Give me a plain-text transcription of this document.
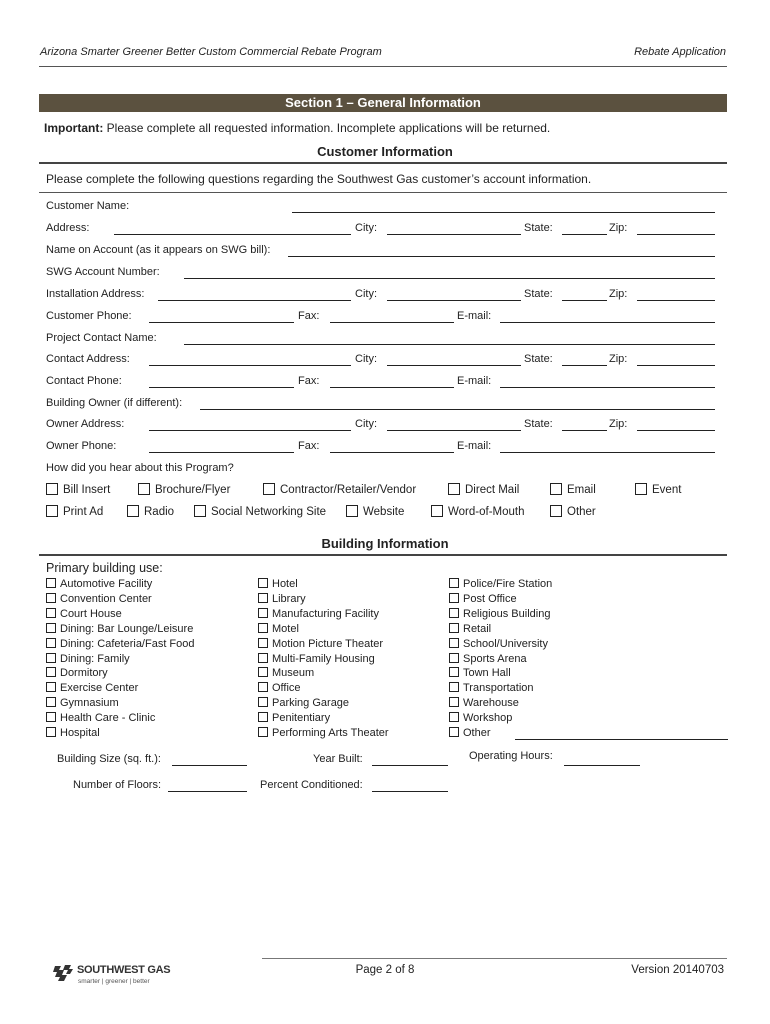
Arizona Smarter Greener Better Custom Commercial Rebate Program	Rebate Application
Section 1 – General Information
Important: Please complete all requested information. Incomplete applications will be returned.
Customer Information
Please complete the following questions regarding the Southwest Gas customer’s account information.
Customer Name:
Address:	City:	State:	Zip:
Name on Account (as it appears on SWG bill):
SWG Account Number:
Installation Address:	City:	State:	Zip:
Customer Phone:	Fax:	E-mail:
Project Contact Name:
Contact Address:	City:	State:	Zip:
Contact Phone:	Fax:	E-mail:
Building Owner (if different):
Owner Address:	City:	State:	Zip:
Owner Phone:	Fax:	E-mail:
How did you hear about this Program?
Bill Insert	Brochure/Flyer	Contractor/Retailer/Vendor	Direct Mail	Email	Event
Print Ad	Radio	Social Networking Site	Website	Word-of-Mouth	Other
Building Information
Primary building use:
Automotive Facility
Convention Center
Court House
Dining: Bar Lounge/Leisure
Dining: Cafeteria/Fast Food
Dining: Family
Dormitory
Exercise Center
Gymnasium
Health Care - Clinic
Hospital
Hotel
Library
Manufacturing Facility
Motel
Motion Picture Theater
Multi-Family Housing
Museum
Office
Parking Garage
Penitentiary
Performing Arts Theater
Police/Fire Station
Post Office
Religious Building
Retail
School/University
Sports Arena
Town Hall
Transportation
Warehouse
Workshop
Other
Building Size (sq. ft.):	Year Built:	Operating Hours:
Number of Floors:	Percent Conditioned:
SOUTHWEST GAS
smarter | greener | better
Page 2 of 8	Version 20140703
